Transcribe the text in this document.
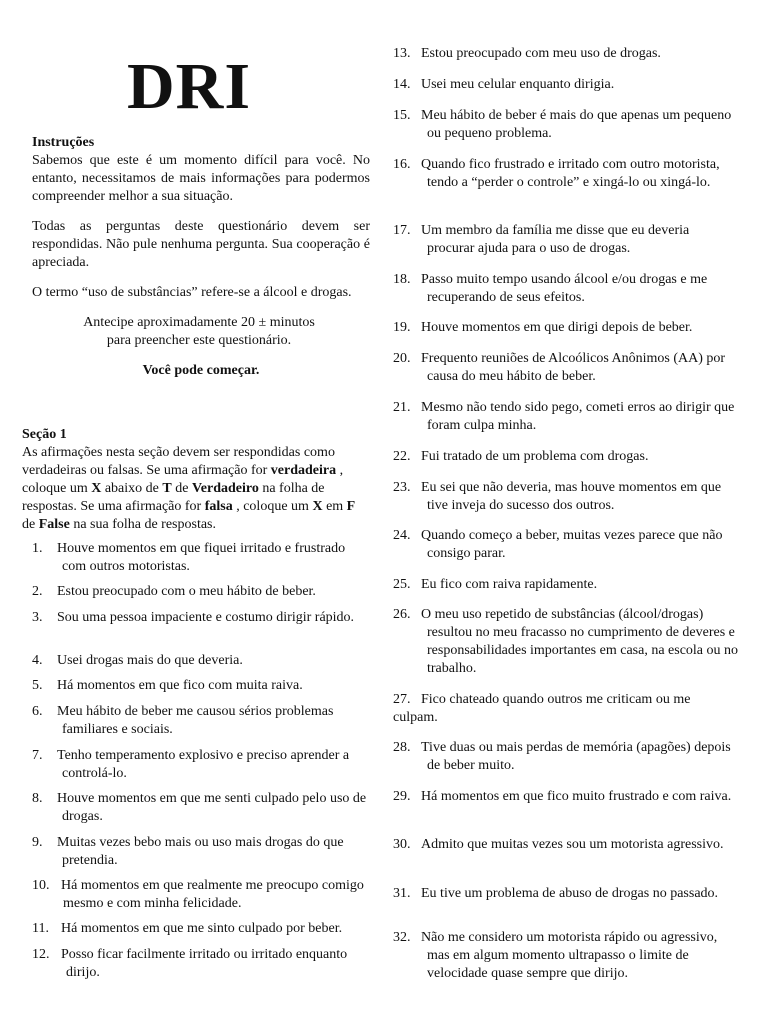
DRI
Instruções
Sabemos que este é um momento difícil para você. No entanto, necessitamos de mais informações para podermos compreender melhor a sua situação.
Todas as perguntas deste questionário devem ser respondidas. Não pule nenhuma pergunta. Sua cooperação é apreciada.
O termo “uso de substâncias” refere-se a álcool e drogas.
Antecipe aproximadamente 20 ± minutos
para preencher este questionário.
Você pode começar.
Seção 1
As afirmações nesta seção devem ser respondidas como verdadeiras ou falsas. Se uma afirmação for verdadeira , coloque um X abaixo de T de Verdadeiro na folha de respostas. Se uma afirmação for falsa , coloque um X em F de False na sua folha de respostas.
1.	Houve momentos em que fiquei irritado e frustrado com outros motoristas.
2.	Estou preocupado com o meu hábito de beber.
3.	Sou uma pessoa impaciente e costumo dirigir rápido.
4.	Usei drogas mais do que deveria.
5.	Há momentos em que fico com muita raiva.
6.	Meu hábito de beber me causou sérios problemas familiares e sociais.
7.	Tenho temperamento explosivo e preciso aprender a controlá-lo.
8.	Houve momentos em que me senti culpado pelo uso de drogas.
9.	Muitas vezes bebo mais ou uso mais drogas do que pretendia.
10. Há momentos em que realmente me preocupo comigo mesmo e com minha felicidade.
11. Há momentos em que me sinto culpado por beber.
12. Posso ficar facilmente irritado ou irritado enquanto dirijo.
13. Estou preocupado com meu uso de drogas.
14. Usei meu celular enquanto dirigia.
15. Meu hábito de beber é mais do que apenas um pequeno ou pequeno problema.
16. Quando fico frustrado e irritado com outro motorista, tendo a “perder o controle” e xingá-lo ou xingá-lo.
17. Um membro da família me disse que eu deveria procurar ajuda para o uso de drogas.
18. Passo muito tempo usando álcool e/ou drogas e me recuperando de seus efeitos.
19. Houve momentos em que dirigi depois de beber.
20. Frequento reuniões de Alcoólicos Anônimos (AA) por causa do meu hábito de beber.
21. Mesmo não tendo sido pego, cometi erros ao dirigir que foram culpa minha.
22. Fui tratado de um problema com drogas.
23. Eu sei que não deveria, mas houve momentos em que tive inveja do sucesso dos outros.
24. Quando começo a beber, muitas vezes parece que não consigo parar.
25. Eu fico com raiva rapidamente.
26. O meu uso repetido de substâncias (álcool/drogas) resultou no meu fracasso no cumprimento de deveres e responsabilidades importantes em casa, na escola ou no trabalho.
27. Fico chateado quando outros me criticam ou me culpam.
28. Tive duas ou mais perdas de memória (apagões) depois de beber muito.
29. Há momentos em que fico muito frustrado e com raiva.
30. Admito que muitas vezes sou um motorista agressivo.
31. Eu tive um problema de abuso de drogas no passado.
32. Não me considero um motorista rápido ou agressivo, mas em algum momento ultrapasso o limite de velocidade quase sempre que dirijo.
